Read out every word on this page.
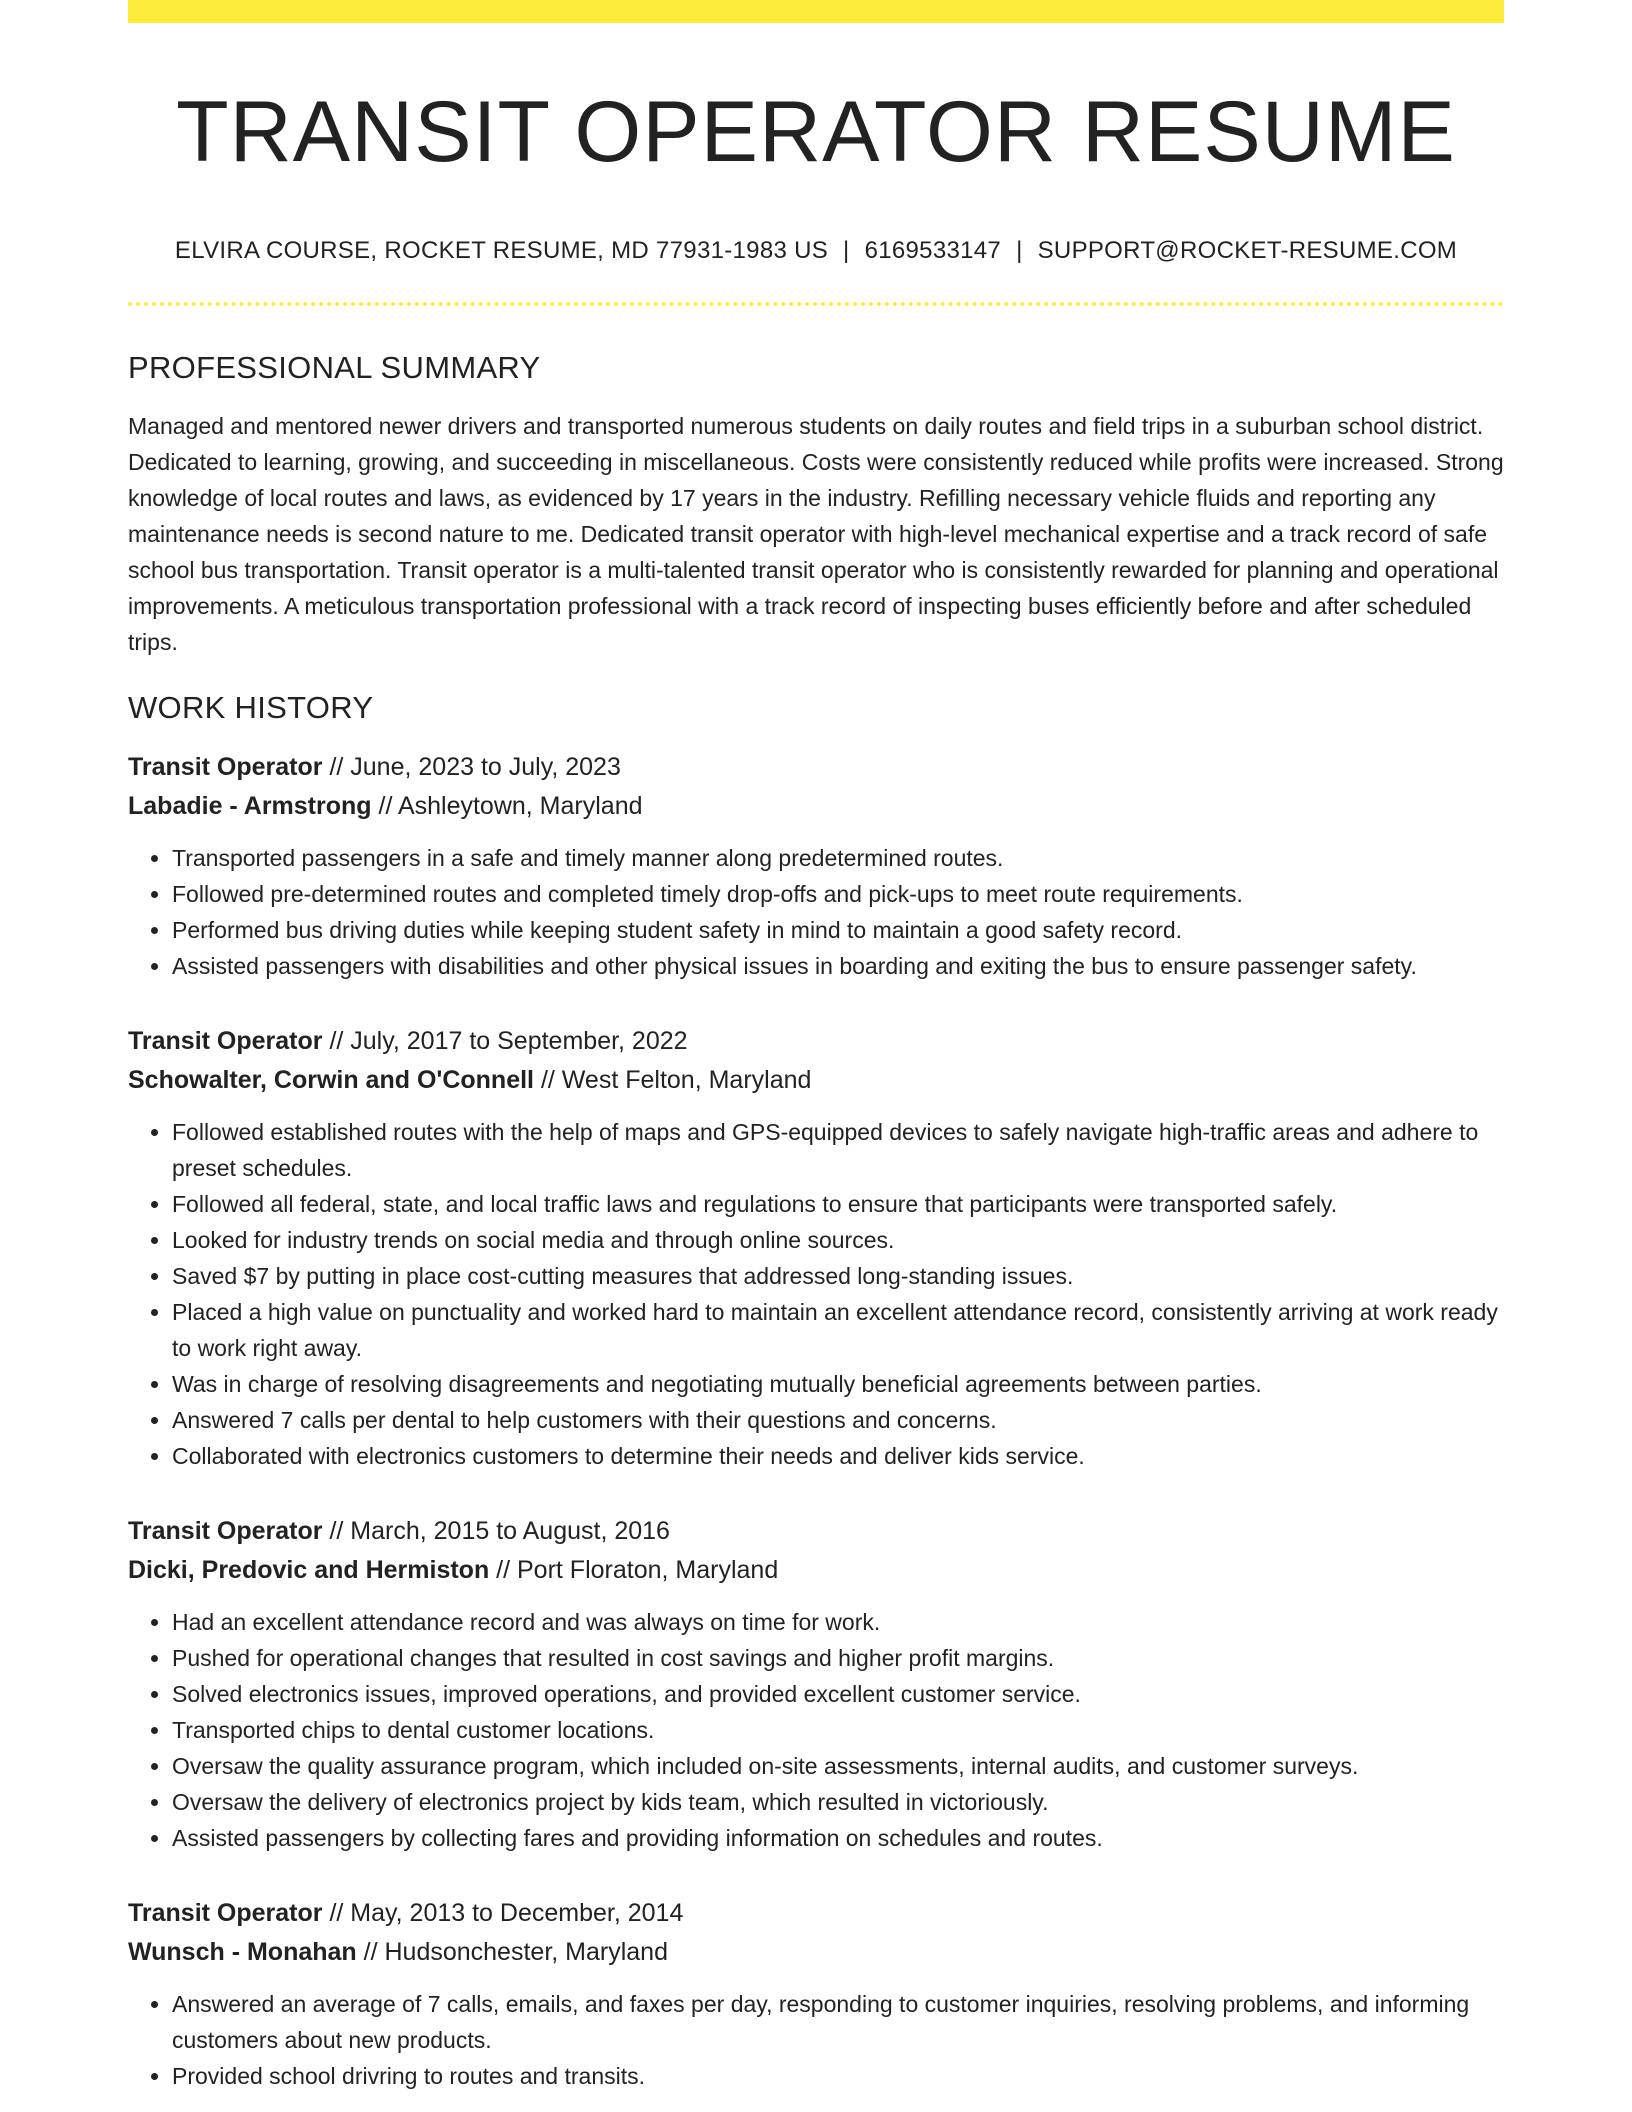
TRANSIT OPERATOR RESUME
ELVIRA COURSE, ROCKET RESUME, MD 77931-1983 US | 6169533147 | SUPPORT@ROCKET-RESUME.COM
PROFESSIONAL SUMMARY

Managed and mentored newer drivers and transported numerous students on daily routes and field trips in a suburban school district. Dedicated to learning, growing, and succeeding in miscellaneous. Costs were consistently reduced while profits were increased. Strong knowledge of local routes and laws, as evidenced by 17 years in the industry. Refilling necessary vehicle fluids and reporting any maintenance needs is second nature to me. Dedicated transit operator with high-level mechanical expertise and a track record of safe school bus transportation. Transit operator is a multi-talented transit operator who is consistently rewarded for planning and operational improvements. A meticulous transportation professional with a track record of inspecting buses efficiently before and after scheduled trips.

WORK HISTORY
Transit Operator // June, 2023 to July, 2023
Labadie - Armstrong // Ashleytown, Maryland
• Transported passengers in a safe and timely manner along predetermined routes.
• Followed pre-determined routes and completed timely drop-offs and pick-ups to meet route requirements.
• Performed bus driving duties while keeping student safety in mind to maintain a good safety record.
• Assisted passengers with disabilities and other physical issues in boarding and exiting the bus to ensure passenger safety.
Transit Operator // July, 2017 to September, 2022
Schowalter, Corwin and O'Connell // West Felton, Maryland
• Followed established routes with the help of maps and GPS-equipped devices to safely navigate high-traffic areas and adhere to preset schedules.
• Followed all federal, state, and local traffic laws and regulations to ensure that participants were transported safely.
• Looked for industry trends on social media and through online sources.
• Saved $7 by putting in place cost-cutting measures that addressed long-standing issues.
• Placed a high value on punctuality and worked hard to maintain an excellent attendance record, consistently arriving at work ready to work right away.
• Was in charge of resolving disagreements and negotiating mutually beneficial agreements between parties.
• Answered 7 calls per dental to help customers with their questions and concerns.
• Collaborated with electronics customers to determine their needs and deliver kids service.
Transit Operator // March, 2015 to August, 2016
Dicki, Predovic and Hermiston // Port Floraton, Maryland
• Had an excellent attendance record and was always on time for work.
• Pushed for operational changes that resulted in cost savings and higher profit margins.
• Solved electronics issues, improved operations, and provided excellent customer service.
• Transported chips to dental customer locations.
• Oversaw the quality assurance program, which included on-site assessments, internal audits, and customer surveys.
• Oversaw the delivery of electronics project by kids team, which resulted in victoriously.
• Assisted passengers by collecting fares and providing information on schedules and routes.
Transit Operator // May, 2013 to December, 2014
Wunsch - Monahan // Hudsonchester, Maryland
• Answered an average of 7 calls, emails, and faxes per day, responding to customer inquiries, resolving problems, and informing customers about new products.
• Provided school drivring to routes and transits.
